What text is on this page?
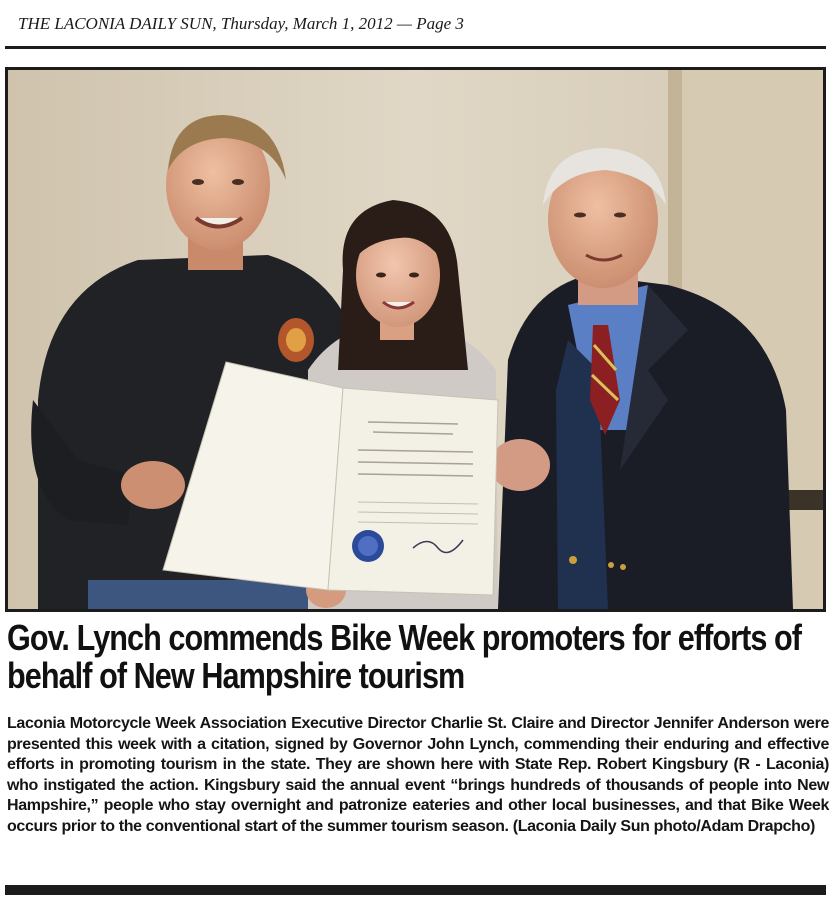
THE LACONIA DAILY SUN, Thursday, March 1, 2012 — Page 3
Gov. Lynch commends Bike Week promoters for efforts of behalf of New Hampshire tourism

Laconia Motorcycle Week Association Executive Director Charlie St. Claire and Director Jennifer Anderson were presented this week with a citation, signed by Governor John Lynch, commending their enduring and effective efforts in promoting tourism in the state. They are shown here with State Rep. Robert Kingsbury (R - Laconia) who instigated the action. Kingsbury said the annual event “brings hundreds of thousands of people into New Hampshire,” people who stay overnight and patronize eateries and other local businesses, and that Bike Week occurs prior to the conventional start of the summer tourism season. (Laconia Daily Sun photo/Adam Drapcho)
